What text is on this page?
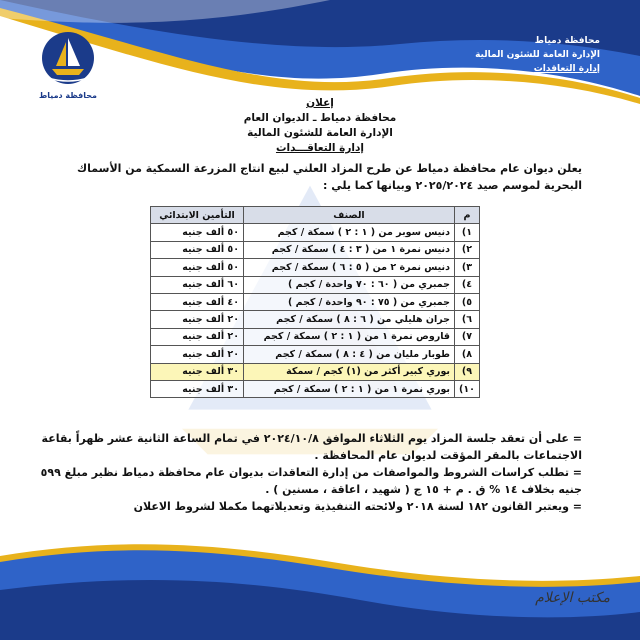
محافظة دمياط
محافظة دمياط
الإدارة العامة للشئون المالية
إدارة التعاقدات
إعلان
محافظة دمياط ـ الديوان العام
الإدارة العامة للشئون المالية
إدارة التعاقـــدات
يعلن ديوان عام محافظة دمياط عن طرح المزاد العلني لبيع انتاج المزرعة السمكية من الأسماك البحرية لموسم صيد ٢٠٢٥/٢٠٢٤ وبيانها كما يلي :
م	الصنف	التأمين الابتدائي
١)	دنيس سوبر من ( ١ : ٢ ) سمكة / كجم	٥٠ ألف جنيه
٢)	دنيس نمرة ١ من ( ٣ : ٤ ) سمكة / كجم	٥٠ ألف جنيه
٣)	دنيس نمرة ٢ من ( ٥ : ٦ ) سمكة / كجم	٥٠ ألف جنيه
٤)	جمبري من ( ٦٠ : ٧٠ واحدة / كجم )	٦٠ ألف جنيه
٥)	جمبري من ( ٧٥ : ٩٠ واحدة / كجم )	٤٠ ألف جنيه
٦)	جران هليلي من ( ٦ : ٨ ) سمكة / كجم	٢٠ ألف جنيه
٧)	قاروص نمرة ١ من ( ١ : ٢ ) سمكة / كجم	٢٠ ألف جنيه
٨)	طوبار مليان من ( ٤ : ٨ ) سمكة / كجم	٢٠ ألف جنيه
٩)	بوري كبير أكثر من (١) كجم / سمكة	٣٠ ألف جنيه
١٠)	بوري نمرة ١ من ( ١ : ٢ ) سمكة / كجم	٣٠ ألف جنيه

= على أن تعقد جلسة المزاد يوم الثلاثاء الموافق ٢٠٢٤/١٠/٨ في تمام الساعة الثانية عشر ظهراً بقاعة الاجتماعات بالمقر المؤقت لديوان عام المحافظة .

= تطلب كراسات الشروط والمواصفات من إدارة التعاقدات بديوان عام محافظة دمياط نظير مبلغ ٥٩٩ جنيه بخلاف ١٤ % ق . م + ١٥ ج ( شهيد ، اعاقة ، مسنين ) .

= ويعتبر القانون ١٨٢ لسنة ٢٠١٨ ولائحته التنفيذية وتعديلاتهما مكملا لشروط الاعلان

مكتب الإعلام
